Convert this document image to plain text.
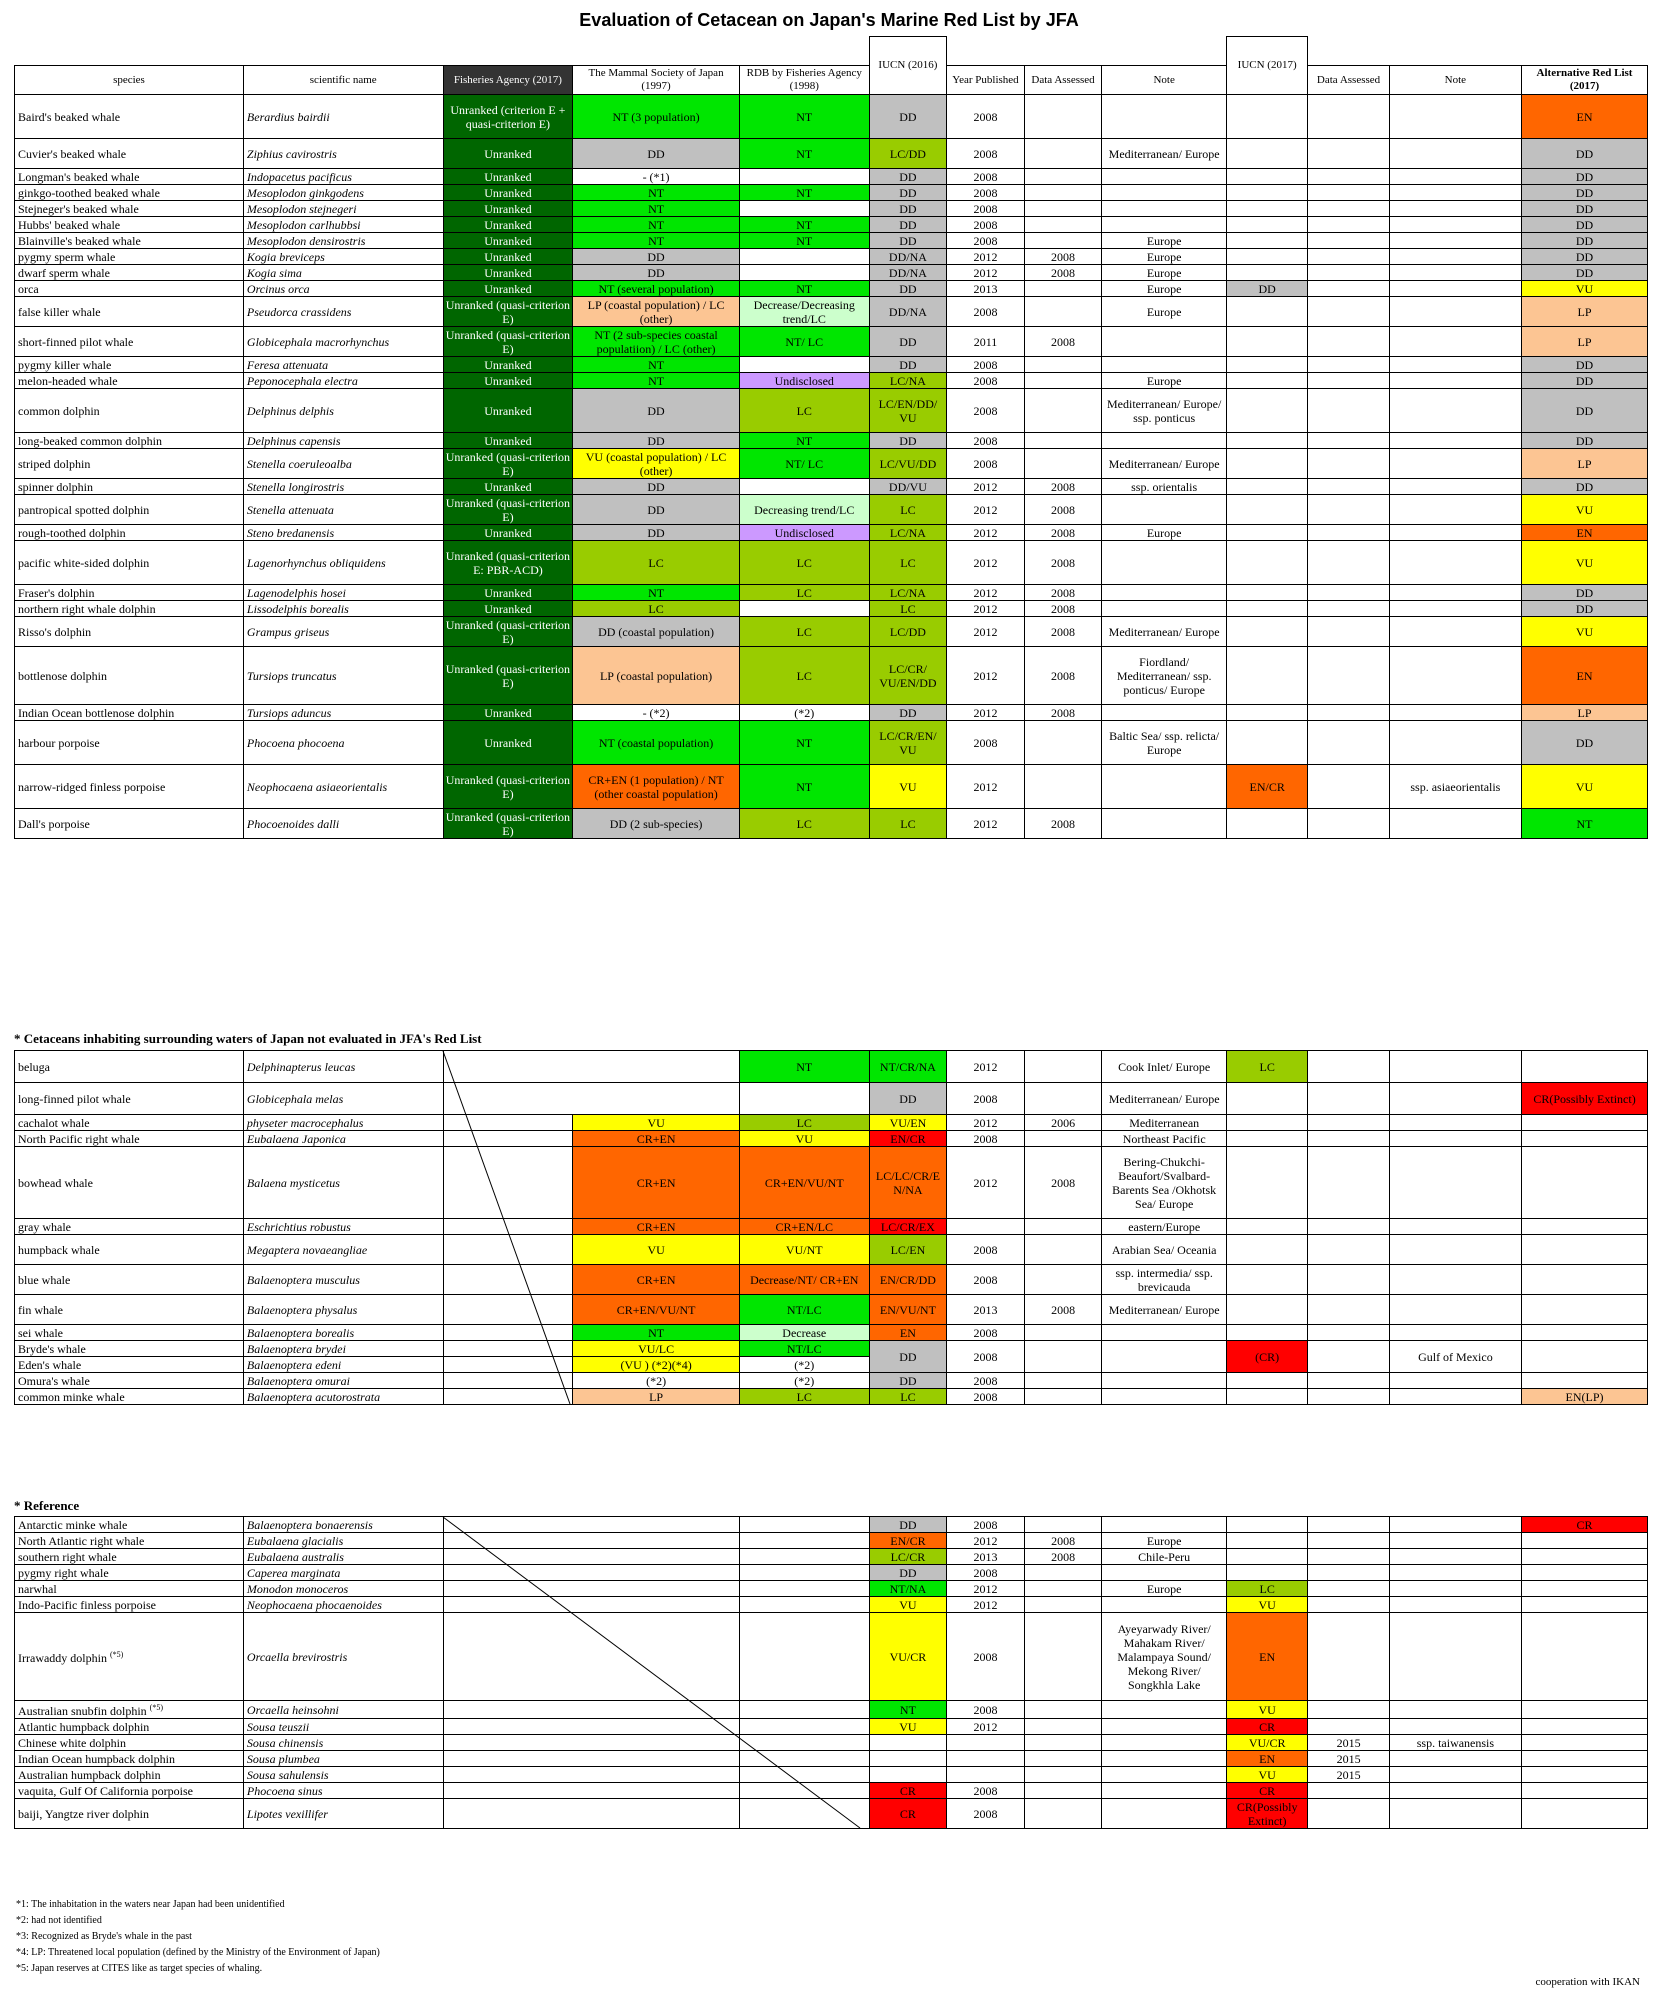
Evaluation of Cetacean on Japan's Marine Red List by JFA
					IUCN (2016)				IUCN (2017)			
species	scientific name	Fisheries Agency (2017)	The Mammal Society of Japan (1997)	RDB by Fisheries Agency (1998)		Year Published	Data Assessed	Note		Data Assessed	Note	Alternative Red List (2017)
Baird's beaked whale	Berardius bairdii	Unranked (criterion E + quasi-criterion E)	NT (3 population)	NT	DD	2008						EN
Cuvier's beaked whale	Ziphius cavirostris	Unranked	DD	NT	LC/DD	2008		Mediterranean/ Europe				DD
Longman's beaked whale	Indopacetus pacificus	Unranked	- (*1)		DD	2008						DD
ginkgo-toothed beaked whale	Mesoplodon ginkgodens	Unranked	NT	NT	DD	2008						DD
Stejneger's beaked whale	Mesoplodon stejnegeri	Unranked	NT		DD	2008						DD
Hubbs' beaked whale	Mesoplodon carlhubbsi	Unranked	NT	NT	DD	2008						DD
Blainville's beaked whale	Mesoplodon densirostris	Unranked	NT	NT	DD	2008		Europe				DD
pygmy sperm whale	Kogia breviceps	Unranked	DD		DD/NA	2012	2008	Europe				DD
dwarf sperm whale	Kogia sima	Unranked	DD		DD/NA	2012	2008	Europe				DD
orca	Orcinus orca	Unranked	NT (several population)	NT	DD	2013		Europe	DD			VU
false killer whale	Pseudorca crassidens	Unranked (quasi-criterion E)	LP (coastal population) / LC (other)	Decrease/Decreasing trend/LC	DD/NA	2008		Europe				LP
short-finned pilot whale	Globicephala macrorhynchus	Unranked (quasi-criterion E)	NT (2 sub-species coastal populatiion) / LC (other)	NT/ LC	DD	2011	2008					LP
pygmy killer whale	Feresa attenuata	Unranked	NT		DD	2008						DD
melon-headed whale	Peponocephala electra	Unranked	NT	Undisclosed	LC/NA	2008		Europe				DD
common dolphin	Delphinus delphis	Unranked	DD	LC	LC/EN/DD/ VU	2008		Mediterranean/ Europe/ ssp. ponticus				DD
long-beaked common dolphin	Delphinus capensis	Unranked	DD	NT	DD	2008						DD
striped dolphin	Stenella coeruleoalba	Unranked (quasi-criterion E)	VU (coastal population) / LC (other)	NT/ LC	LC/VU/DD	2008		Mediterranean/ Europe				LP
spinner dolphin	Stenella longirostris	Unranked	DD		DD/VU	2012	2008	ssp. orientalis				DD
pantropical spotted dolphin	Stenella attenuata	Unranked (quasi-criterion E)	DD	Decreasing trend/LC	LC	2012	2008					VU
rough-toothed dolphin	Steno bredanensis	Unranked	DD	Undisclosed	LC/NA	2012	2008	Europe				EN
pacific white-sided dolphin	Lagenorhynchus obliquidens	Unranked (quasi-criterion E: PBR-ACD)	LC	LC	LC	2012	2008					VU
Fraser's dolphin	Lagenodelphis hosei	Unranked	NT	LC	LC/NA	2012	2008					DD
northern right whale dolphin	Lissodelphis borealis	Unranked	LC		LC	2012	2008					DD
Risso's dolphin	Grampus griseus	Unranked (quasi-criterion E)	DD (coastal population)	LC	LC/DD	2012	2008	Mediterranean/ Europe				VU
bottlenose dolphin	Tursiops truncatus	Unranked (quasi-criterion E)	LP (coastal population)	LC	LC/CR/ VU/EN/DD	2012	2008	Fiordland/ Mediterranean/ ssp. ponticus/ Europe				EN
Indian Ocean bottlenose dolphin	Tursiops aduncus	Unranked	- (*2)	(*2)	DD	2012	2008					LP
harbour porpoise	Phocoena phocoena	Unranked	NT (coastal population)	NT	LC/CR/EN/ VU	2008		Baltic Sea/ ssp. relicta/ Europe				DD
narrow-ridged finless porpoise	Neophocaena asiaeorientalis	Unranked (quasi-criterion E)	CR+EN (1 population) / NT (other coastal population)	NT	VU	2012			EN/CR		ssp. asiaeorientalis	VU
Dall's porpoise	Phocoenoides dalli	Unranked (quasi-criterion E)	DD (2 sub-species)	LC	LC	2012	2008					NT
* Cetaceans inhabiting surrounding waters of Japan not evaluated in JFA's Red List
beluga	Delphinapterus leucas			NT	NT/CR/NA	2012		Cook Inlet/ Europe	LC			
long-finned pilot whale	Globicephala melas				DD	2008		Mediterranean/ Europe				CR(Possibly Extinct)
cachalot whale	physeter macrocephalus		VU	LC	VU/EN	2012	2006	Mediterranean				
North Pacific right whale	Eubalaena Japonica		CR+EN	VU	EN/CR	2008		Northeast Pacific				
bowhead whale	Balaena mysticetus		CR+EN	CR+EN/VU/NT	LC/LC/CR/E N/NA	2012	2008	Bering-Chukchi-Beaufort/Svalbard-Barents Sea /Okhotsk Sea/ Europe				
gray whale	Eschrichtius robustus		CR+EN	CR+EN/LC	LC/CR/EX			eastern/Europe				
humpback whale	Megaptera novaeangliae		VU	VU/NT	LC/EN	2008		Arabian Sea/ Oceania				
blue whale	Balaenoptera musculus		CR+EN	Decrease/NT/ CR+EN	EN/CR/DD	2008		ssp. intermedia/ ssp. brevicauda				
fin whale	Balaenoptera physalus		CR+EN/VU/NT	NT/LC	EN/VU/NT	2013	2008	Mediterranean/ Europe				
sei whale	Balaenoptera borealis		NT	Decrease	EN	2008						
Bryde's whale	Balaenoptera brydei		VU/LC	NT/LC	DD	2008			(CR)		Gulf of Mexico	
Eden's whale	Balaenoptera edeni		(VU ) (*2)(*4)	(*2)								
Omura's whale	Balaenoptera omurai		(*2)	(*2)	DD	2008						
common minke whale	Balaenoptera acutorostrata		LP	LC	LC	2008						EN(LP)
* Reference
Antarctic minke whale	Balaenoptera bonaerensis				DD	2008						CR
North Atlantic right whale	Eubalaena glacialis				EN/CR	2012	2008	Europe				
southern right whale	Eubalaena australis				LC/CR	2013	2008	Chile-Peru				
pygmy right whale	Caperea marginata				DD	2008						
narwhal	Monodon monoceros				NT/NA	2012		Europe	LC			
Indo-Pacific finless porpoise	Neophocaena phocaenoides				VU	2012			VU			
Irrawaddy dolphin $^{(*5)}$	Orcaella brevirostris				VU/CR	2008		Ayeyarwady River/ Mahakam River/ Malampaya Sound/ Mekong River/ Songkhla Lake	EN			
Australian snubfin dolphin $^{(*5)}$	Orcaella heinsohni				NT	2008			VU			
Atlantic humpback dolphin	Sousa teuszii				VU	2012			CR			
Chinese white dolphin	Sousa chinensis								VU/CR	2015	ssp. taiwanensis	
Indian Ocean humpback dolphin	Sousa plumbea								EN	2015		
Australian humpback dolphin	Sousa sahulensis								VU	2015		
vaquita, Gulf Of California porpoise	Phocoena sinus				CR	2008			CR			
baiji, Yangtze river dolphin	Lipotes vexillifer				CR	2008			CR(Possibly Extinct)			
*1: The inhabitation in the waters near Japan had been unidentified
*2: had not identified
*3: Recognized as Bryde's whale in the past
*4: LP: Threatened local population (defined by the Ministry of the Environment of Japan)
*5: Japan reserves at CITES like as target species of whaling.
cooperation with IKAN
